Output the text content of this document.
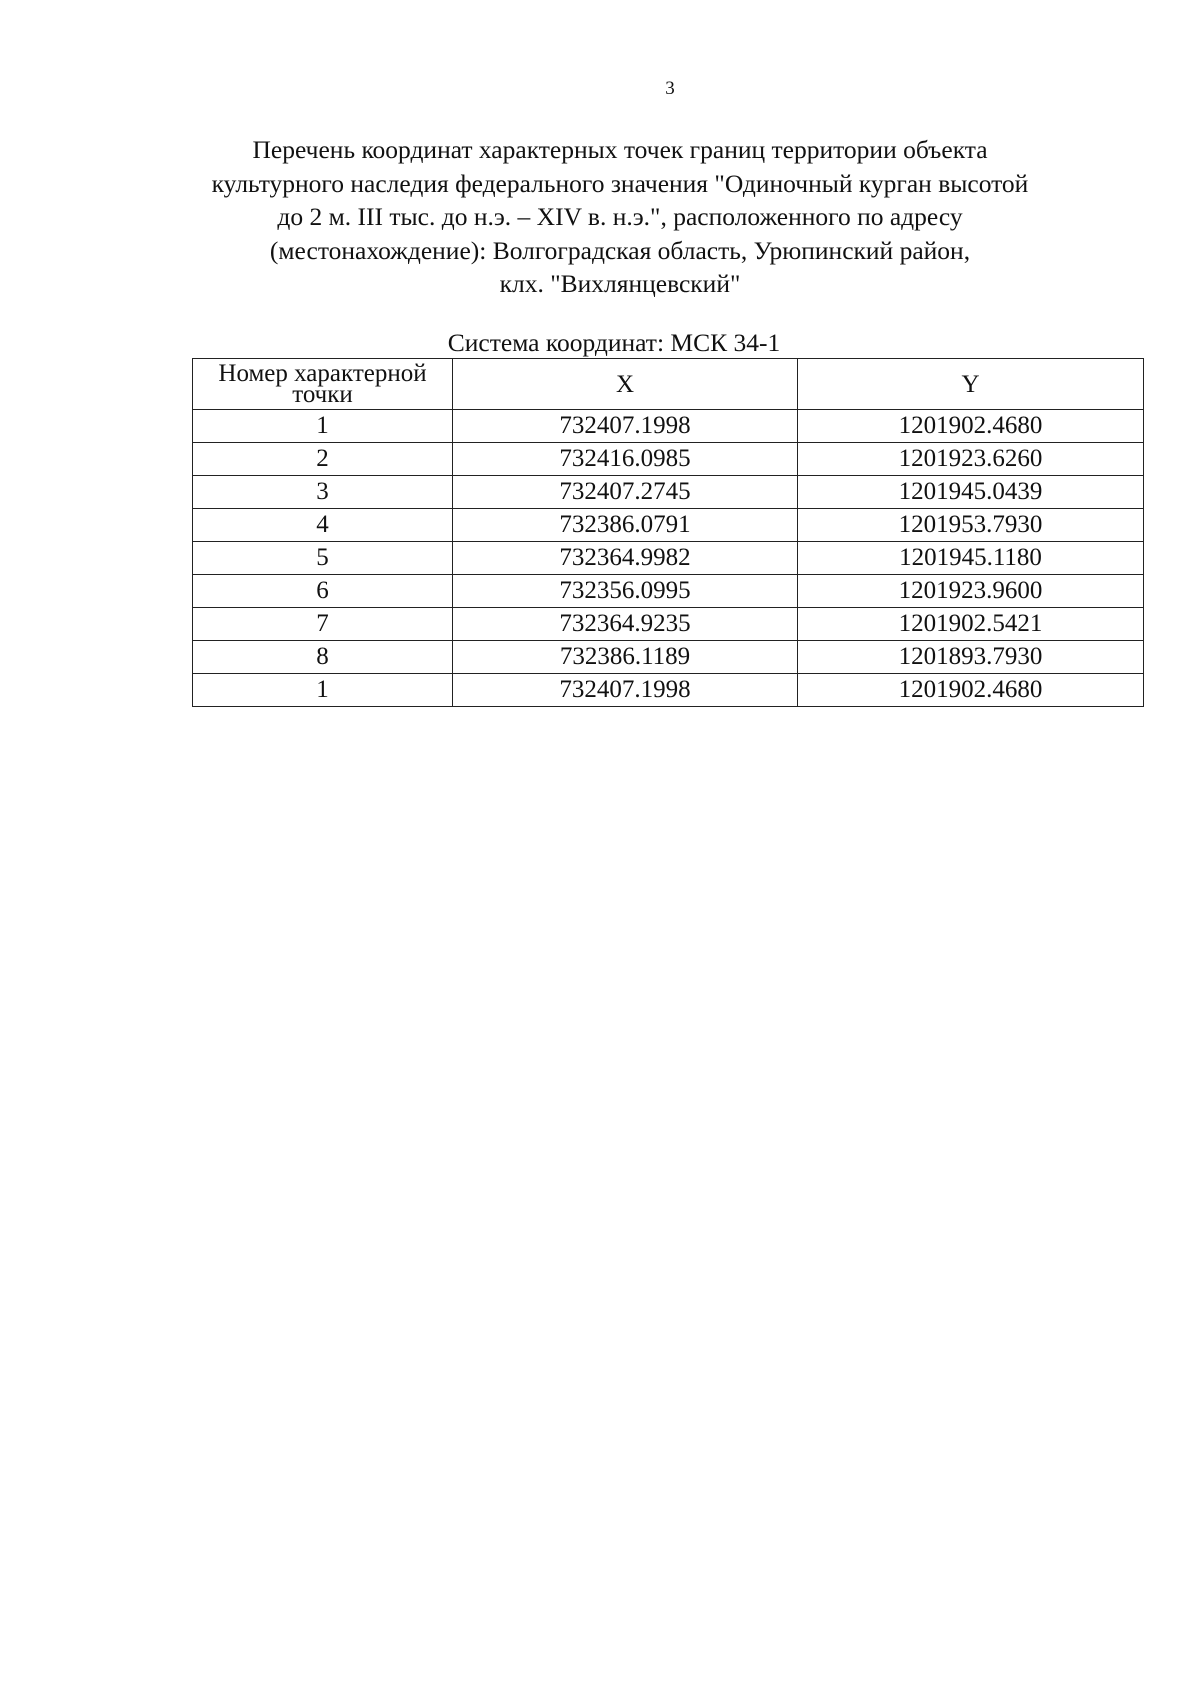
3
Перечень координат характерных точек границ территории объекта
культурного наследия федерального значения "Одиночный курган высотой
до 2 м. III тыс. до н.э. – XIV в. н.э.", расположенного по адресу
(местонахождение): Волгоградская область, Урюпинский район,
клх. "Вихлянцевский"
Система координат: МСК 34-1
Номер характерной точки	X	Y
1	732407.1998	1201902.4680
2	732416.0985	1201923.6260
3	732407.2745	1201945.0439
4	732386.0791	1201953.7930
5	732364.9982	1201945.1180
6	732356.0995	1201923.9600
7	732364.9235	1201902.5421
8	732386.1189	1201893.7930
1	732407.1998	1201902.4680
